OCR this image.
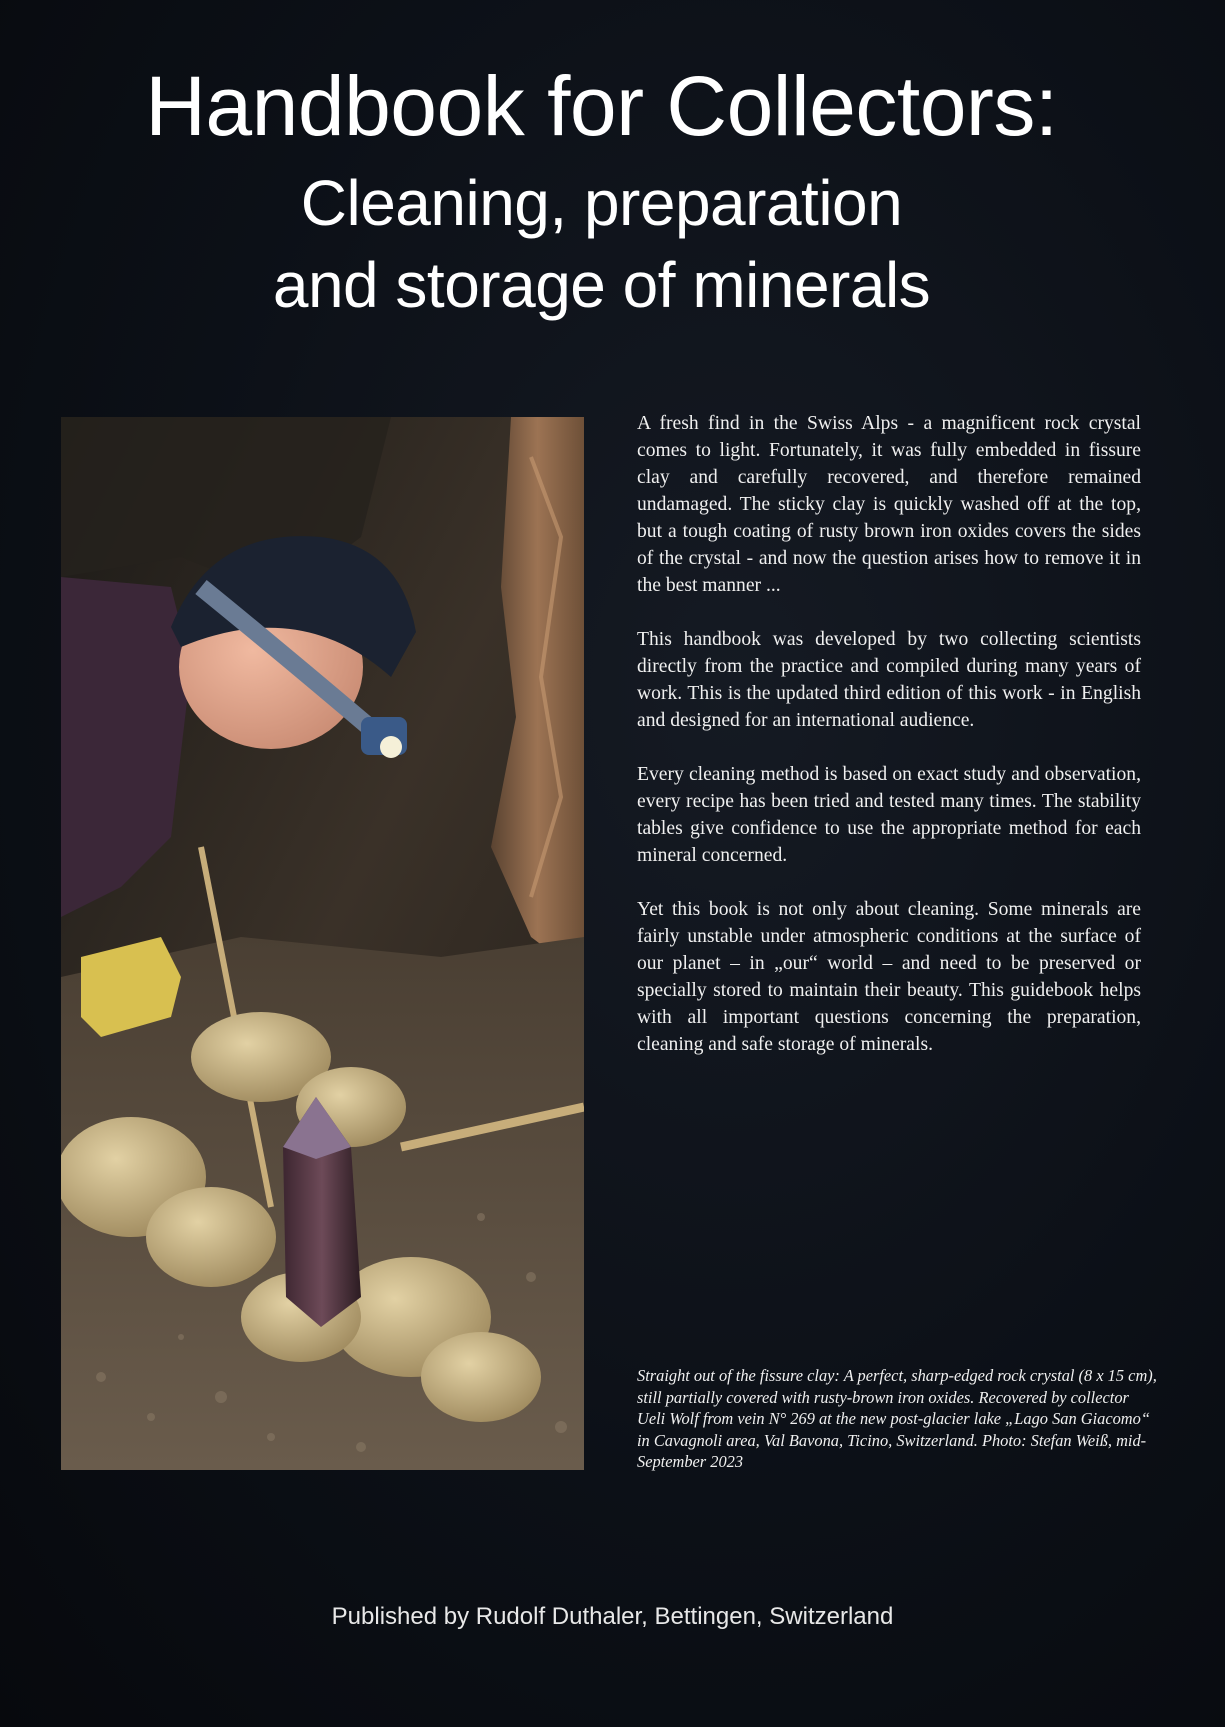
Handbook for Collectors:
Cleaning, preparation
and storage of minerals

A fresh find in the Swiss Alps - a magnificent rock crystal comes to light. Fortunately, it was fully embedded in fissure clay and carefully recovered, and therefore remained undamaged. The sticky clay is quickly washed off at the top, but a tough coating of rusty brown iron oxides covers the sides of the crystal - and now the question arises how to remove it in the best manner ...

This handbook was developed by two collecting scientists directly from the practice and compiled during many years of work. This is the updated third edition of this work - in English and designed for an international audience.

Every cleaning method is based on exact study and observation, every recipe has been tried and tested many times. The stability tables give confidence to use the appropriate method for each mineral concerned.

Yet this book is not only about cleaning. Some minerals are fairly unstable under atmospheric conditions at the surface of our planet – in „our“ world – and need to be preserved or specially stored to maintain their beauty. This guidebook helps with all important questions concerning the preparation, cleaning and safe storage of minerals.

Straight out of the fissure clay: A perfect, sharp-edged rock crystal (8 x 15 cm), still partially covered with rusty-brown iron oxides. Recovered by collector Ueli Wolf from vein N° 269 at the new post-glacier lake „Lago San Giacomo“ in Cavagnoli area, Val Bavona, Ticino, Switzerland. Photo: Stefan Weiß, mid-September 2023

Published by Rudolf Duthaler, Bettingen, Switzerland
